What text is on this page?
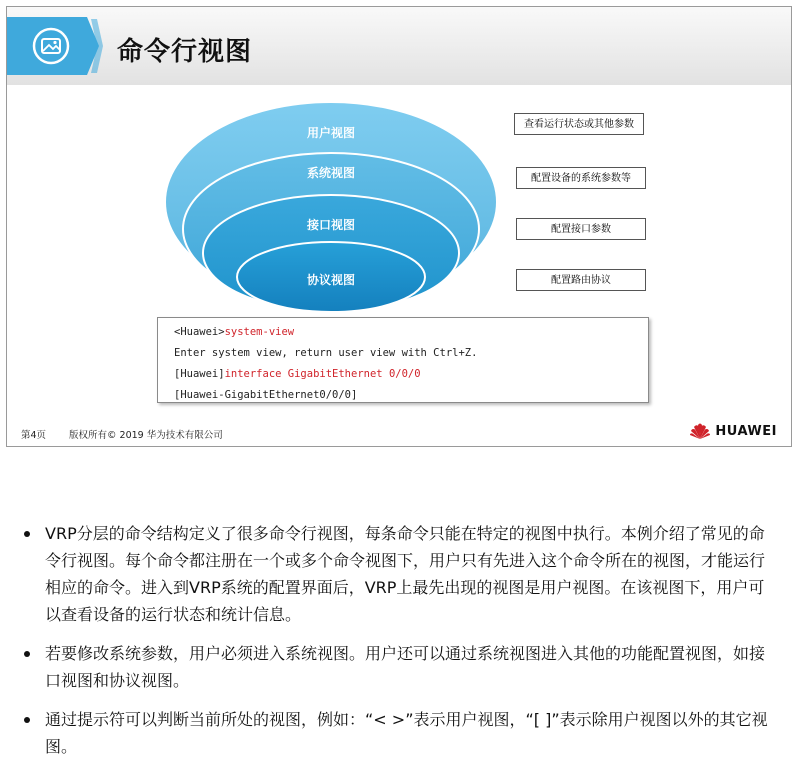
命令行视图
用户视图
系统视图
接口视图
协议视图
查看运行状态或其他参数
配置设备的系统参数等
配置接口参数
配置路由协议
<Huawei>system-view
Enter system view, return user view with Ctrl+Z.
[Huawei]interface GigabitEthernet 0/0/0
[Huawei-GigabitEthernet0/0/0]
第4页 版权所有© 2019 华为技术有限公司	HUAWEI
VRP分层的命令结构定义了很多命令行视图，每条命令只能在特定的视图中执行。本例介绍了常见的命令行视图。每个命令都注册在一个或多个命令视图下，用户只有先进入这个命令所在的视图，才能运行相应的命令。进入到VRP系统的配置界面后，VRP上最先出现的视图是用户视图。在该视图下，用户可以查看设备的运行状态和统计信息。
若要修改系统参数，用户必须进入系统视图。用户还可以通过系统视图进入其他的功能配置视图，如接口视图和协议视图。
通过提示符可以判断当前所处的视图，例如：“< >”表示用户视图，“[ ]”表示除用户视图以外的其它视图。
